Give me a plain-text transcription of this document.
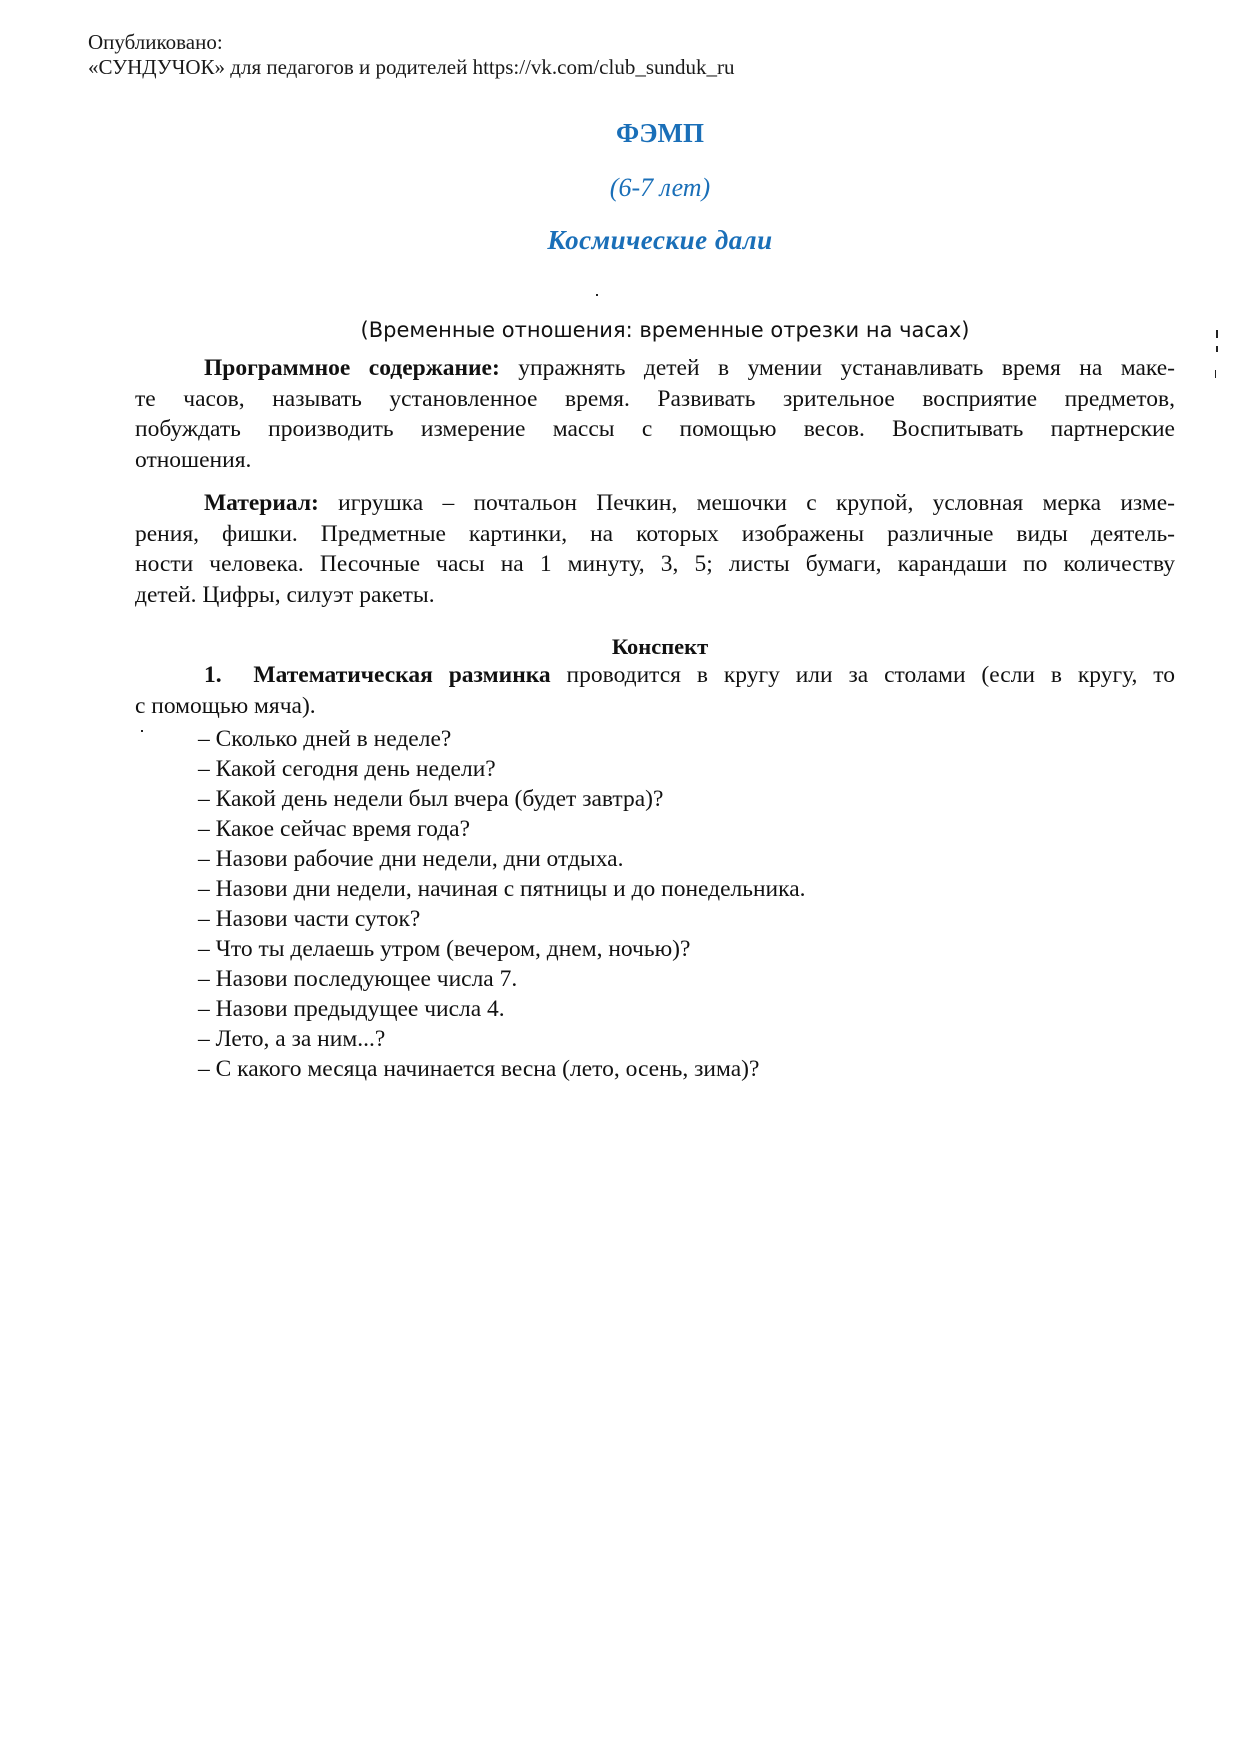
Опубликовано:
«СУНДУЧОК» для педагогов и родителей https://vk.com/club_sunduk_ru
ФЭМП
(6-7 лет)
Космические дали
(Временные отношения: временные отрезки на часах)
Программное содержание: упражнять детей в умении устанавливать время на маке-
те часов, называть установленное время. Развивать зрительное восприятие предметов,
побуждать производить измерение массы с помощью весов. Воспитывать партнерские
отношения.
Материал: игрушка – почтальон Печкин, мешочки с крупой, условная мерка изме-
рения, фишки. Предметные картинки, на которых изображены различные виды деятель-
ности человека. Песочные часы на 1 минуту, 3, 5; листы бумаги, карандаши по количеству
детей. Цифры, силуэт ракеты.
Конспект
1. Математическая разминка проводится в кругу или за столами (если в кругу, то
с помощью мяча).
– Сколько дней в неделе?
– Какой сегодня день недели?
– Какой день недели был вчера (будет завтра)?
– Какое сейчас время года?
– Назови рабочие дни недели, дни отдыха.
– Назови дни недели, начиная с пятницы и до понедельника.
– Назови части суток?
– Что ты делаешь утром (вечером, днем, ночью)?
– Назови последующее числа 7.
– Назови предыдущее числа 4.
– Лето, а за ним...?
– С какого месяца начинается весна (лето, осень, зима)?
